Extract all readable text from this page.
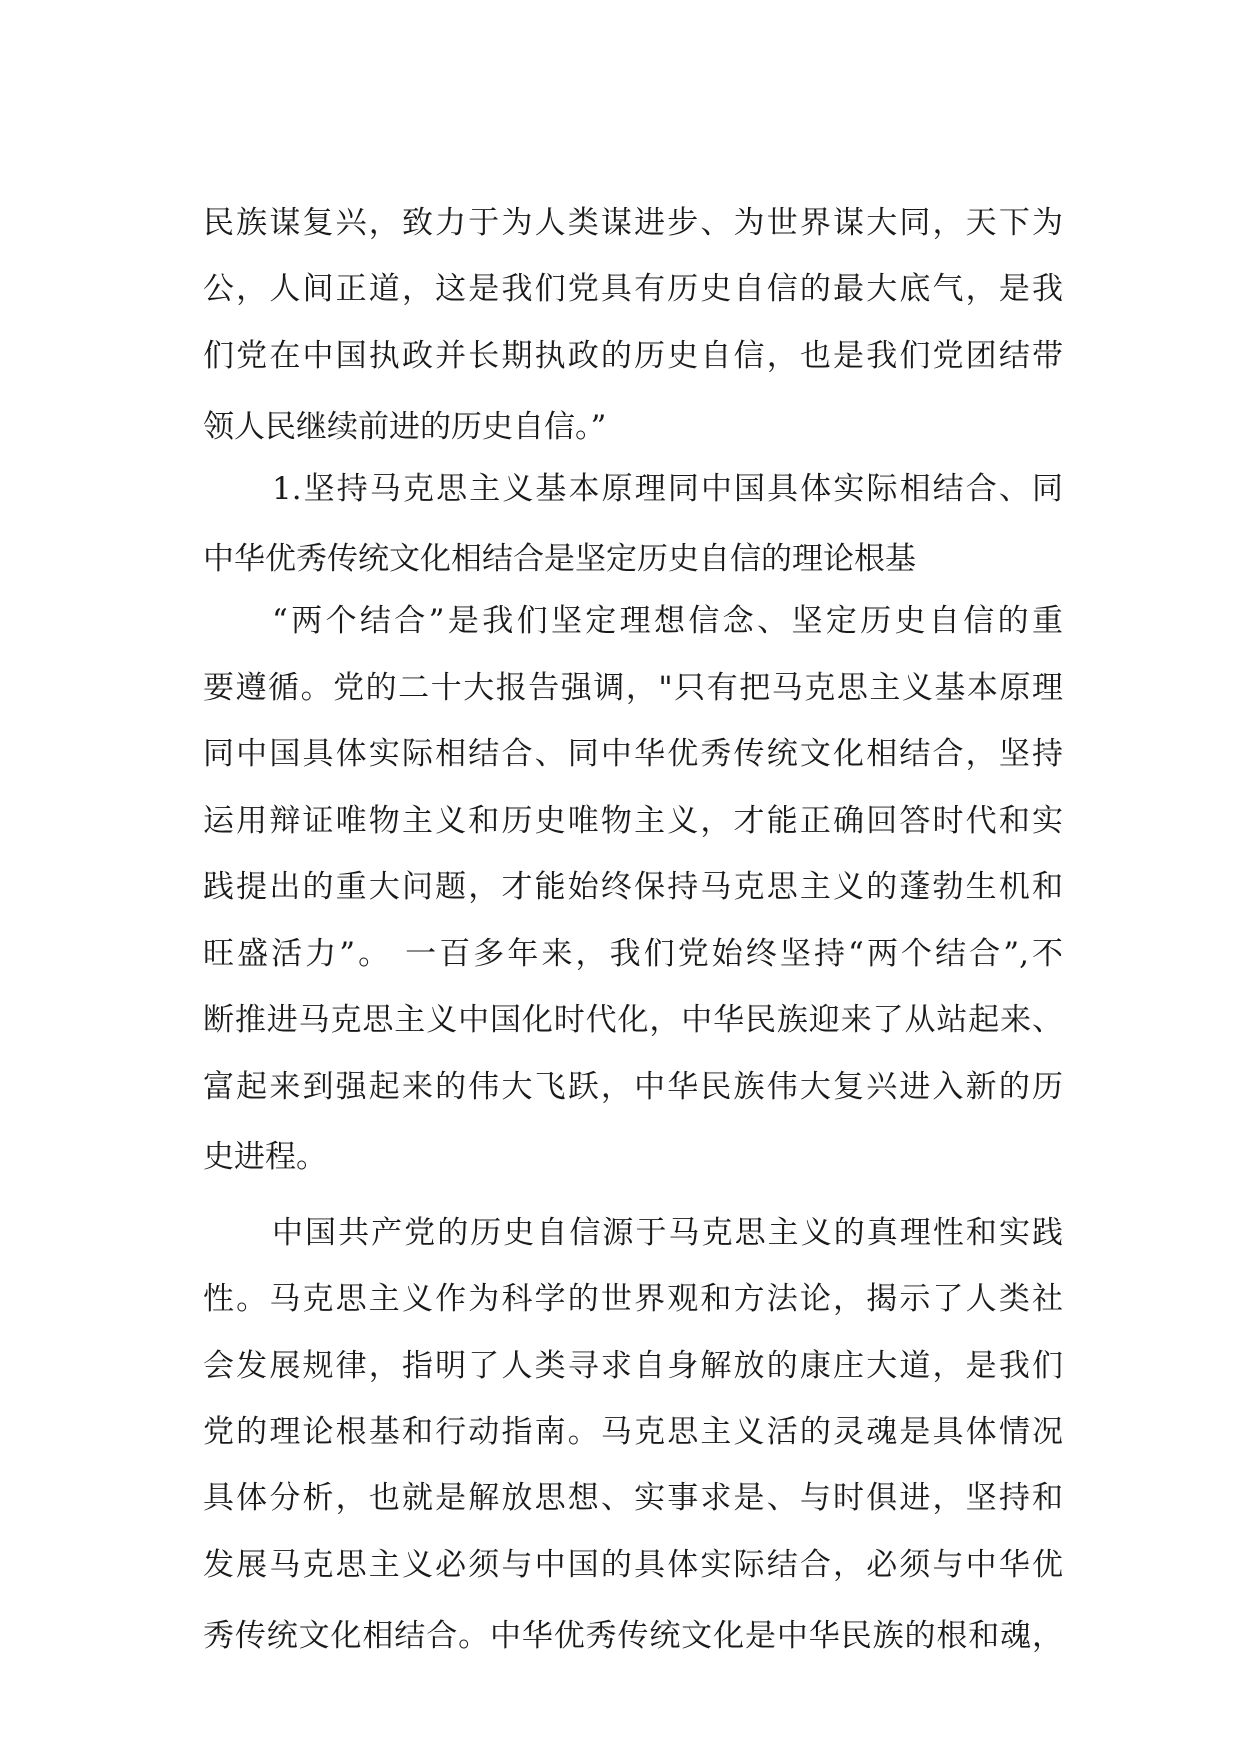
民族谋复兴，致力于为人类谋进步、为世界谋大同，天下为
公，人间正道，这是我们党具有历史自信的最大底气，是我
们党在中国执政并长期执政的历史自信，也是我们党团结带
领人民继续前进的历史自信。”
1.坚持马克思主义基本原理同中国具体实际相结合、同
中华优秀传统文化相结合是坚定历史自信的理论根基
“两个结合”是我们坚定理想信念、坚定历史自信的重
要遵循。党的二十大报告强调，"只有把马克思主义基本原理
同中国具体实际相结合、同中华优秀传统文化相结合，坚持
运用辩证唯物主义和历史唯物主义，才能正确回答时代和实
践提出的重大问题，才能始终保持马克思主义的蓬勃生机和
旺盛活力”。 一百多年来，我们党始终坚持“两个结合”,不
断推进马克思主义中国化时代化，中华民族迎来了从站起来、
富起来到强起来的伟大飞跃，中华民族伟大复兴进入新的历
史进程。
中国共产党的历史自信源于马克思主义的真理性和实践
性。马克思主义作为科学的世界观和方法论，揭示了人类社
会发展规律，指明了人类寻求自身解放的康庄大道，是我们
党的理论根基和行动指南。马克思主义活的灵魂是具体情况
具体分析，也就是解放思想、实事求是、与时俱进，坚持和
发展马克思主义必须与中国的具体实际结合，必须与中华优
秀传统文化相结合。中华优秀传统文化是中华民族的根和魂，
